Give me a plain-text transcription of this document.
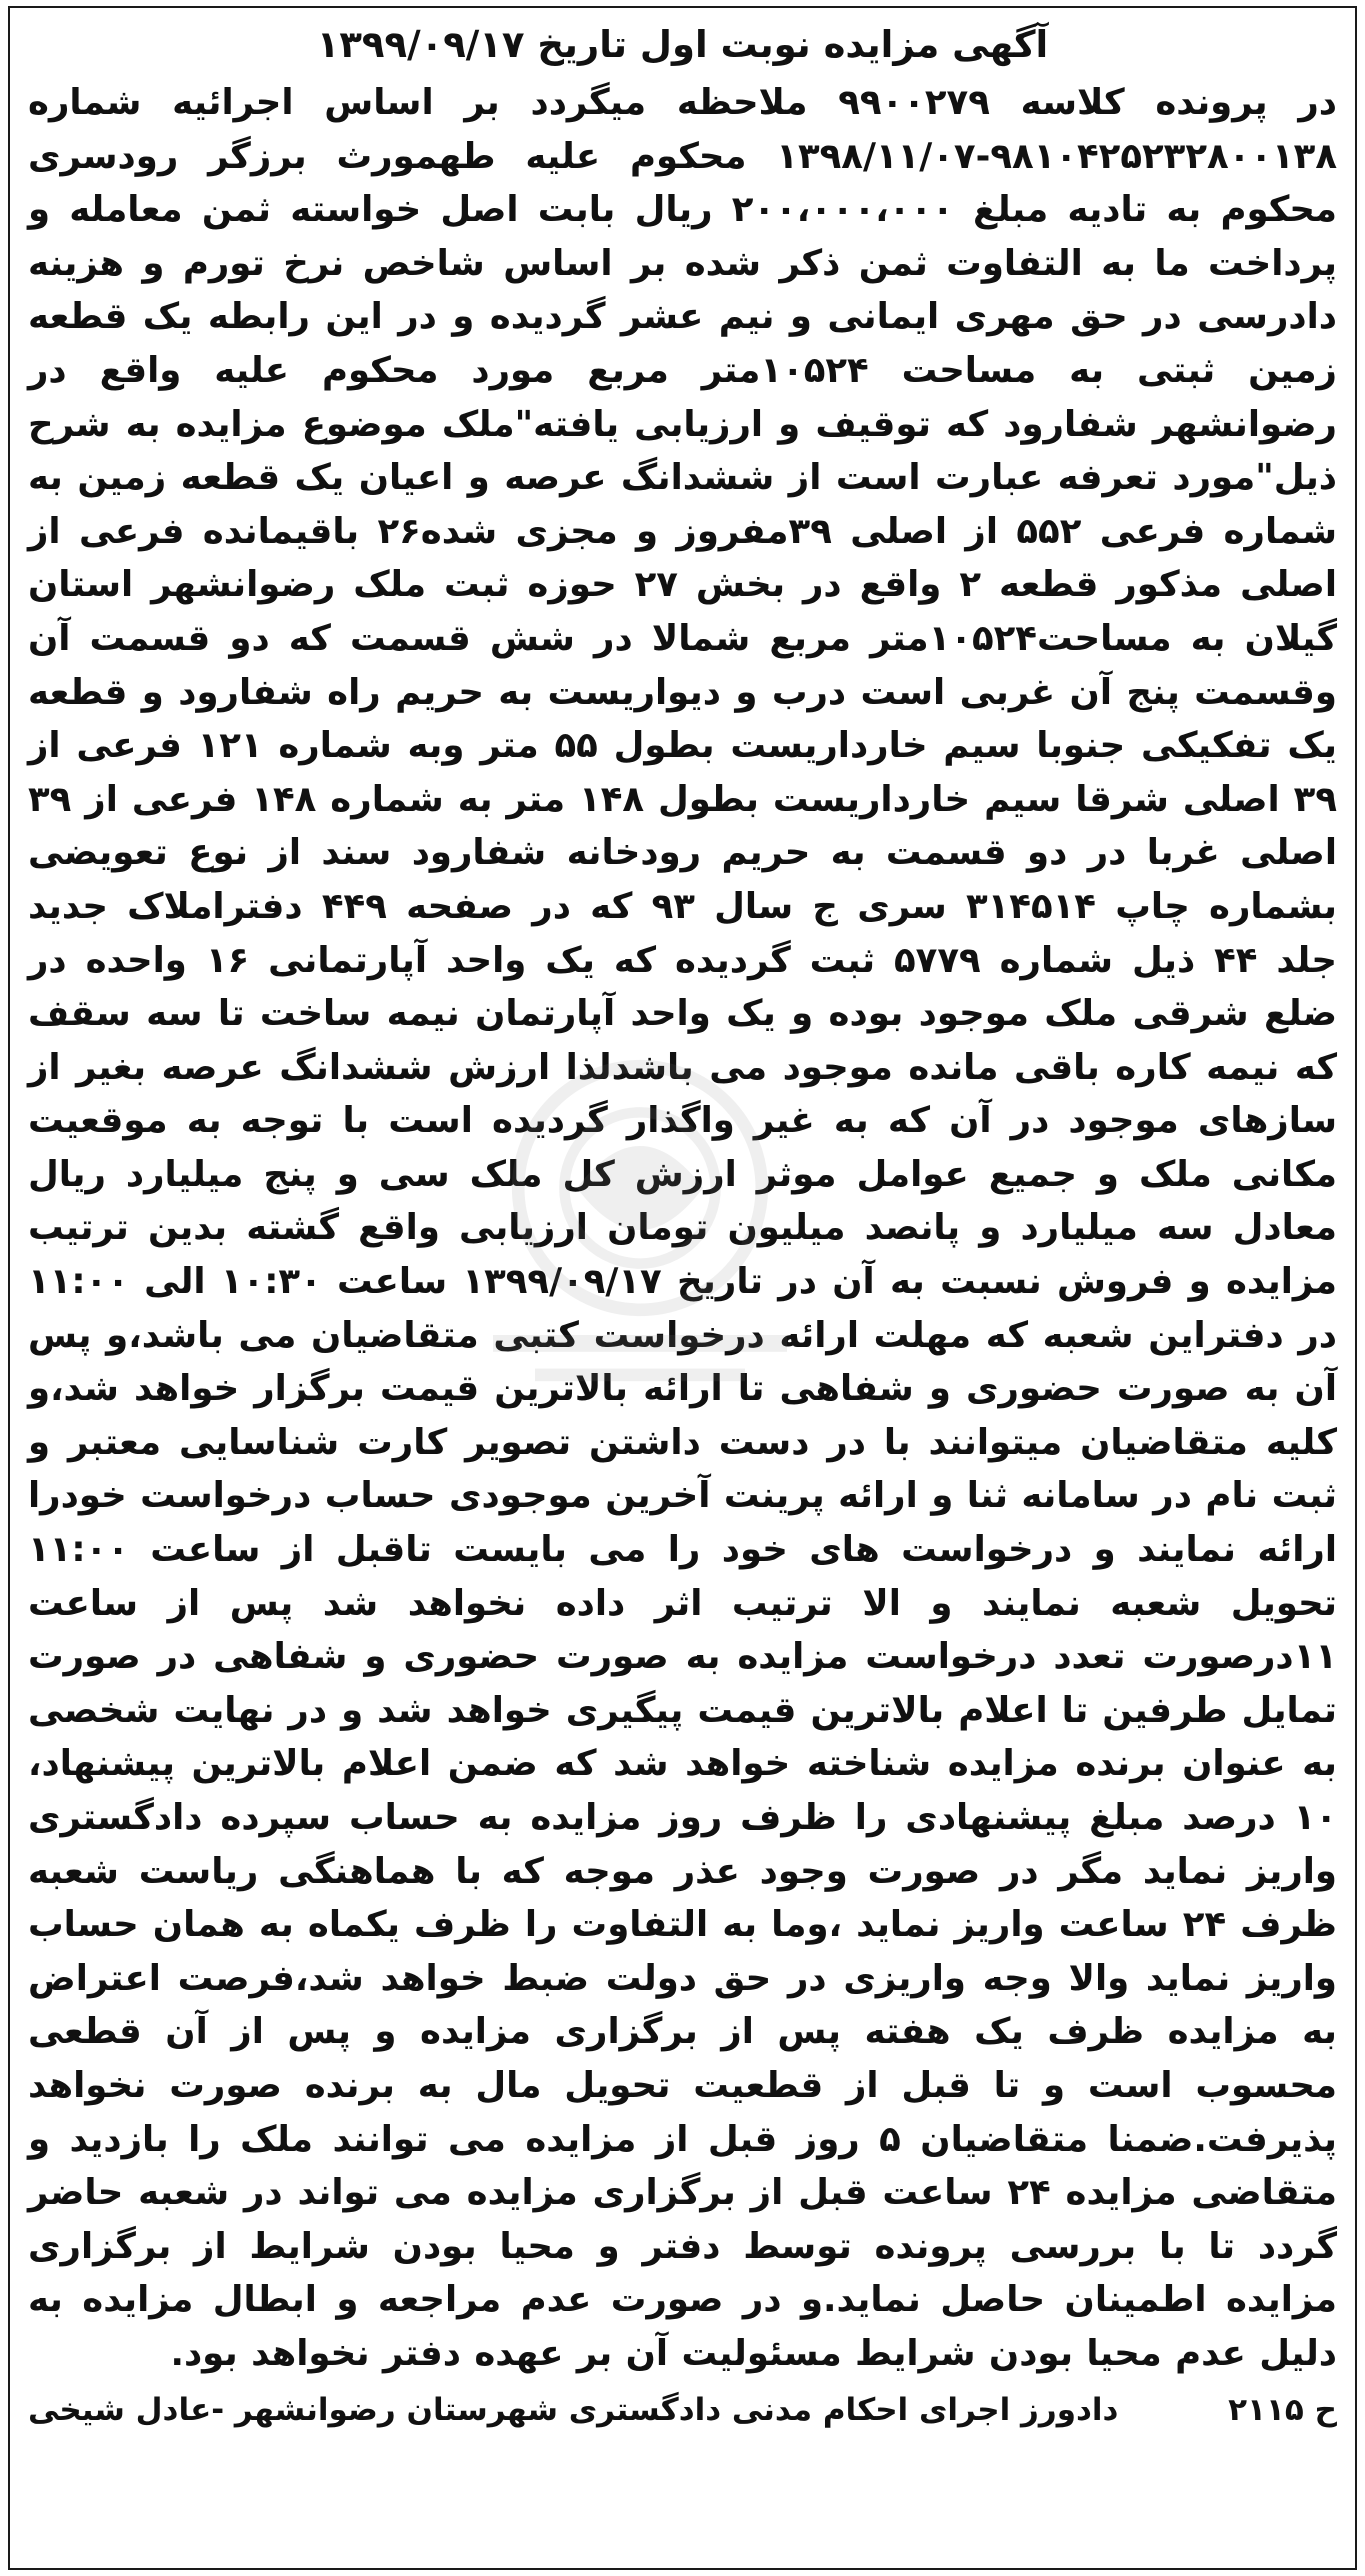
آگهی مزایده نوبت اول تاریخ ۱۳۹۹/۰۹/۱۷

در پرونده کلاسه ۹۹۰۰۲۷۹ ملاحظه میگردد بر اساس اجرائیه شماره ۹۸۱۰۴۲۵۲۳۲۸۰۰۱۳۸-۱۳۹۸/۱۱/۰۷ محکوم علیه طهمورث برزگر رودسری محکوم به تادیه مبلغ ۲۰۰،۰۰۰،۰۰۰ ریال بابت اصل خواسته ثمن معامله و پرداخت ما به التفاوت ثمن ذکر شده بر اساس شاخص نرخ تورم و هزینه دادرسی در حق مهری ایمانی و نیم عشر گردیده و در این رابطه یک قطعه زمین ثبتی به مساحت ۱۰۵۲۴متر مربع مورد محکوم علیه واقع در رضوانشهر شفارود که توقیف و ارزیابی یافته"ملک موضوع مزایده به شرح ذیل"مورد تعرفه عبارت است از ششدانگ عرصه و اعیان یک قطعه زمین به شماره فرعی ۵۵۲ از اصلی ۳۹مفروز و مجزی شده۲۶ باقیمانده فرعی از اصلی مذکور قطعه ۲ واقع در بخش ۲۷ حوزه ثبت ملک رضوانشهر استان گیلان به مساحت۱۰۵۲۴متر مربع شمالا در شش قسمت که دو قسمت آن وقسمت پنج آن غربی است درب و دیواریست به حریم راه شفارود و قطعه یک تفکیکی جنوبا سیم خارداریست بطول ۵۵ متر وبه شماره ۱۲۱ فرعی از ۳۹ اصلی شرقا سیم خارداریست بطول ۱۴۸ متر به شماره ۱۴۸ فرعی از ۳۹ اصلی غربا در دو قسمت به حریم رودخانه شفارود سند از نوع تعویضی بشماره چاپ ۳۱۴۵۱۴ سری ج سال ۹۳ که در صفحه ۴۴۹ دفتراملاک جدید جلد ۴۴ ذیل شماره ۵۷۷۹ ثبت گردیده که یک واحد آپارتمانی ۱۶ واحده در ضلع شرقی ملک موجود بوده و یک واحد آپارتمان نیمه ساخت تا سه سقف که نیمه کاره باقی مانده موجود می باشدلذا ارزش ششدانگ عرصه بغیر از سازهای موجود در آن که به غیر واگذار گردیده است با توجه به موقعیت مکانی ملک و جمیع عوامل موثر ارزش کل ملک سی و پنج میلیارد ریال معادل سه میلیارد و پانصد میلیون تومان ارزیابی واقع گشته بدین ترتیب مزایده و فروش نسبت به آن در تاریخ ۱۳۹۹/۰۹/۱۷ ساعت ۱۰:۳۰ الی ۱۱:۰۰ در دفتراین شعبه که مهلت ارائه درخواست کتبی متقاضیان می باشد،و پس آن به صورت حضوری و شفاهی تا ارائه بالاترین قیمت برگزار خواهد شد،و کلیه متقاضیان میتوانند با در دست داشتن تصویر کارت شناسایی معتبر و ثبت نام در سامانه ثنا و ارائه پرینت آخرین موجودی حساب درخواست خودرا ارائه نمایند و درخواست های خود را می بایست تاقبل از ساعت ۱۱:۰۰ تحویل شعبه نمایند و الا ترتیب اثر داده نخواهد شد پس از ساعت ۱۱درصورت تعدد درخواست مزایده به صورت حضوری و شفاهی در صورت تمایل طرفین تا اعلام بالاترین قیمت پیگیری خواهد شد و در نهایت شخصی به عنوان برنده مزایده شناخته خواهد شد که ضمن اعلام بالاترین پیشنهاد، ۱۰ درصد مبلغ پیشنهادی را ظرف روز مزایده به حساب سپرده دادگستری واریز نماید مگر در صورت وجود عذر موجه که با هماهنگی ریاست شعبه ظرف ۲۴ ساعت واریز نماید ،وما به التفاوت را ظرف یکماه به همان حساب واریز نماید والا وجه واریزی در حق دولت ضبط خواهد شد،فرصت اعتراض به مزایده ظرف یک هفته پس از برگزاری مزایده و پس از آن قطعی محسوب است و تا قبل از قطعیت تحویل مال به برنده صورت نخواهد پذیرفت.ضمنا متقاضیان ۵ روز قبل از مزایده می توانند ملک را بازدید و متقاضی مزایده ۲۴ ساعت قبل از برگزاری مزایده می تواند در شعبه حاضر گردد تا با بررسی پرونده توسط دفتر و محیا بودن شرایط از برگزاری مزایده اطمینان حاصل نماید.و در صورت عدم مراجعه و ابطال مزایده به دلیل عدم محیا بودن شرایط مسئولیت آن بر عهده دفتر نخواهد بود.

ح ۲۱۱۵
دادورز اجرای احکام مدنی دادگستری شهرستان رضوانشهر -عادل شیخی
